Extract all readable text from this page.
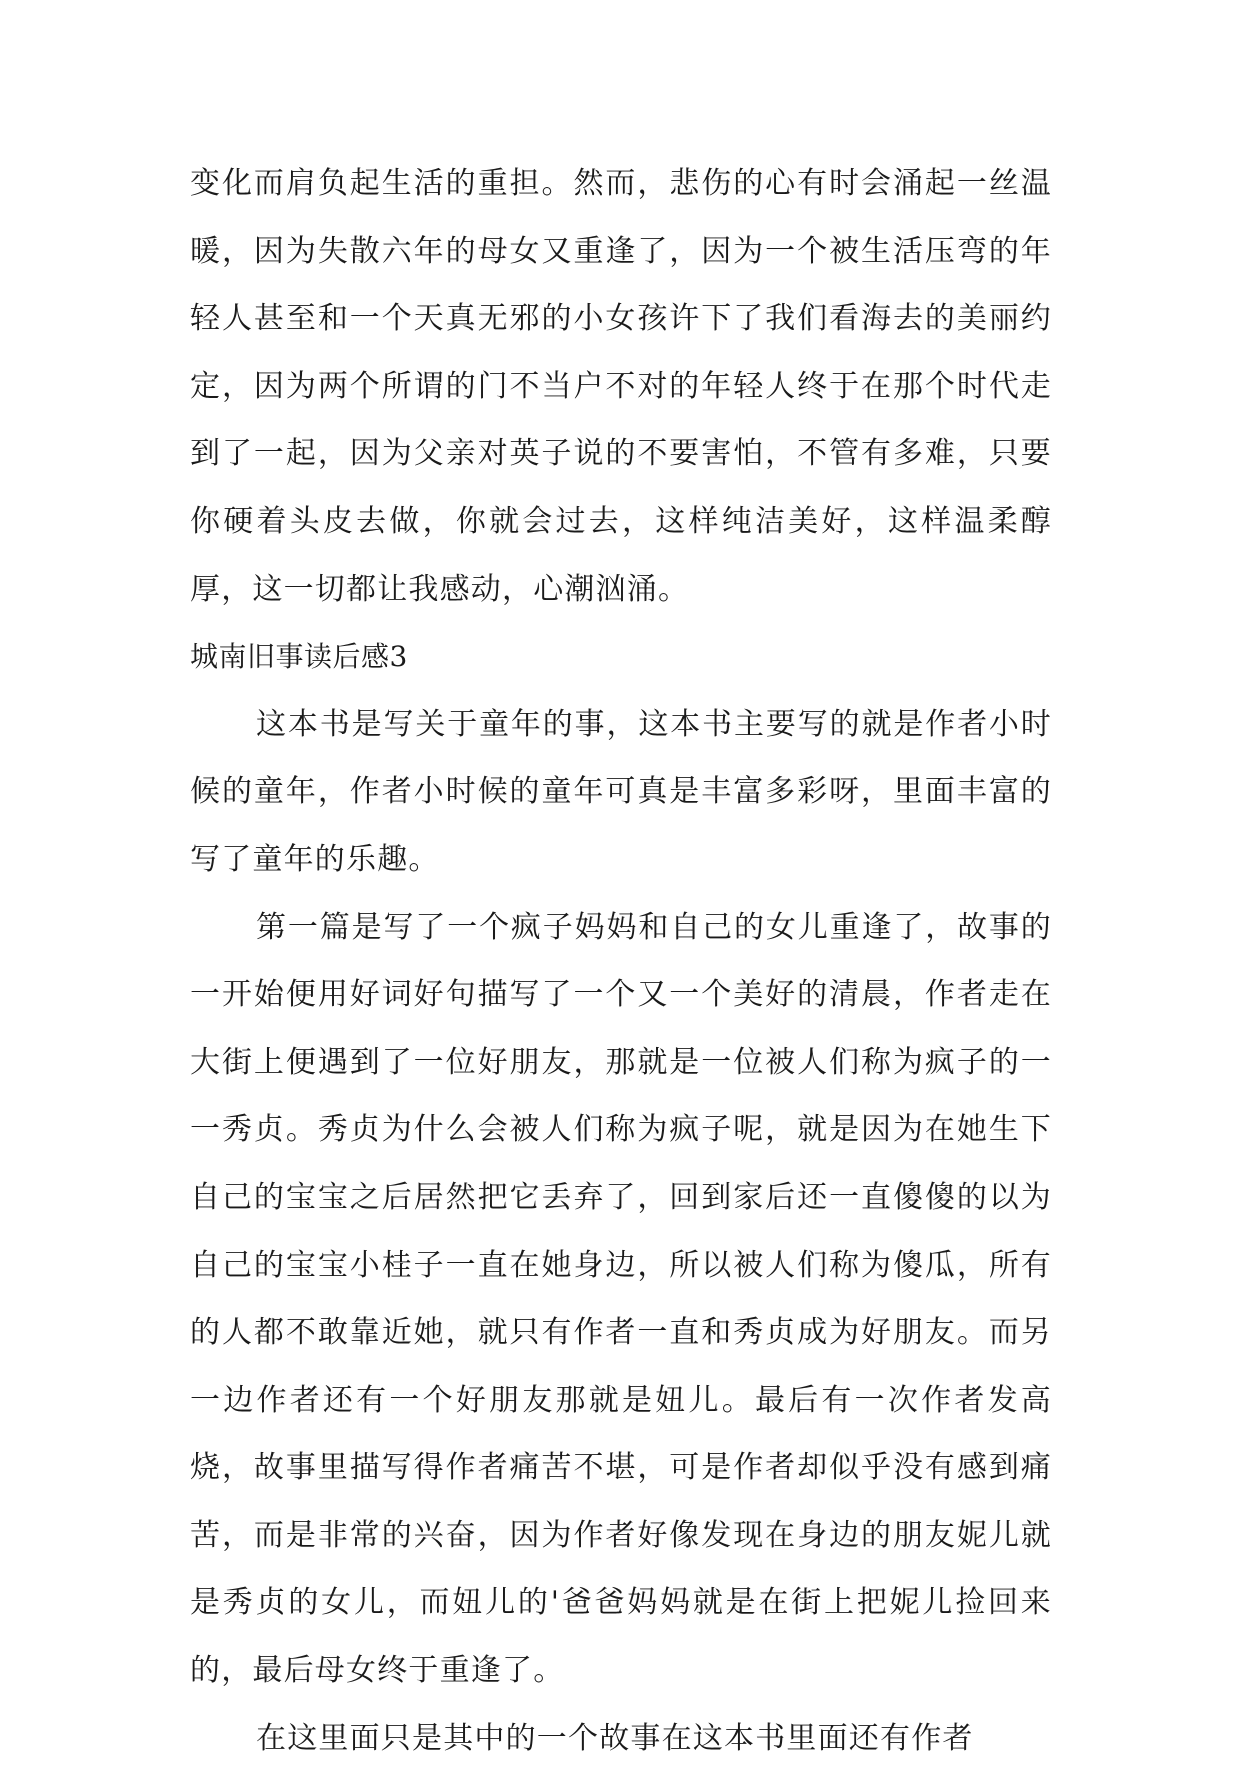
变化而肩负起生活的重担。然而，悲伤的心有时会涌起一丝温暖，因为失散六年的母女又重逢了，因为一个被生活压弯的年轻人甚至和一个天真无邪的小女孩许下了我们看海去的美丽约定，因为两个所谓的门不当户不对的年轻人终于在那个时代走到了一起，因为父亲对英子说的不要害怕，不管有多难，只要你硬着头皮去做，你就会过去，这样纯洁美好，这样温柔醇厚，这一切都让我感动，心潮汹涌。

城南旧事读后感3

这本书是写关于童年的事，这本书主要写的就是作者小时候的童年，作者小时候的童年可真是丰富多彩呀，里面丰富的写了童年的乐趣。

第一篇是写了一个疯子妈妈和自己的女儿重逢了，故事的一开始便用好词好句描写了一个又一个美好的清晨，作者走在大街上便遇到了一位好朋友，那就是一位被人们称为疯子的一一秀贞。秀贞为什么会被人们称为疯子呢，就是因为在她生下自己的宝宝之后居然把它丢弃了，回到家后还一直傻傻的以为自己的宝宝小桂子一直在她身边，所以被人们称为傻瓜，所有的人都不敢靠近她，就只有作者一直和秀贞成为好朋友。而另一边作者还有一个好朋友那就是妞儿。最后有一次作者发高烧，故事里描写得作者痛苦不堪，可是作者却似乎没有感到痛苦，而是非常的兴奋，因为作者好像发现在身边的朋友妮儿就是秀贞的女儿，而妞儿的'爸爸妈妈就是在街上把妮儿捡回来的，最后母女终于重逢了。

在这里面只是其中的一个故事在这本书里面还有作者
